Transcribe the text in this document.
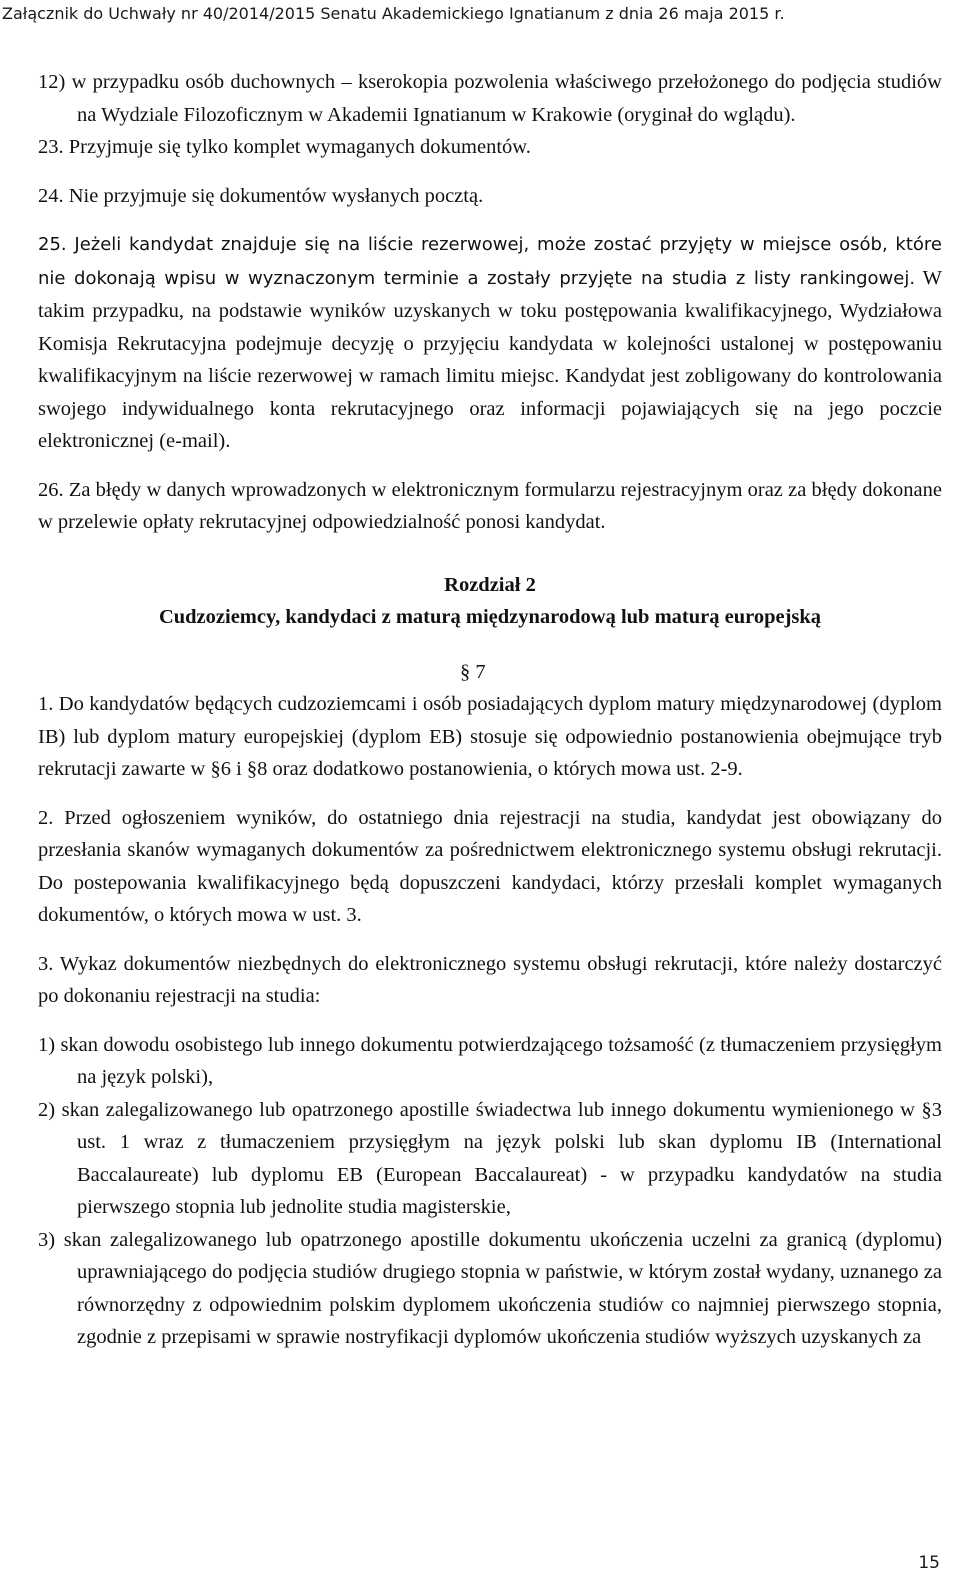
Załącznik do Uchwały nr 40/2014/2015 Senatu Akademickiego Ignatianum z dnia 26 maja 2015 r.

12) w przypadku osób duchownych – kserokopia pozwolenia właściwego przełożonego do podjęcia studiów na Wydziale Filozoficznym w Akademii Ignatianum w Krakowie (oryginał do wglądu).

23. Przyjmuje się tylko komplet wymaganych dokumentów.

24. Nie przyjmuje się dokumentów wysłanych pocztą.

25. Jeżeli kandydat znajduje się na liście rezerwowej, może zostać przyjęty w miejsce osób, które nie dokonają wpisu w wyznaczonym terminie a zostały przyjęte na studia z listy rankingowej. W takim przypadku, na podstawie wyników uzyskanych w toku postępowania kwalifikacyjnego, Wydziałowa Komisja Rekrutacyjna podejmuje decyzję o przyjęciu kandydata w kolejności ustalonej w postępowaniu kwalifikacyjnym na liście rezerwowej w ramach limitu miejsc. Kandydat jest zobligowany do kontrolowania swojego indywidualnego konta rekrutacyjnego oraz informacji pojawiających się na jego poczcie elektronicznej (e-mail).

26. Za błędy w danych wprowadzonych w elektronicznym formularzu rejestracyjnym oraz za błędy dokonane w przelewie opłaty rekrutacyjnej odpowiedzialność ponosi kandydat.

Rozdział 2

Cudzoziemcy, kandydaci z maturą międzynarodową lub maturą europejską

§ 7

1. Do kandydatów będących cudzoziemcami i osób posiadających dyplom matury międzynarodowej (dyplom IB) lub dyplom matury europejskiej (dyplom EB) stosuje się odpowiednio postanowienia obejmujące tryb rekrutacji zawarte w §6 i §8 oraz dodatkowo postanowienia, o których mowa ust. 2-9.

2. Przed ogłoszeniem wyników, do ostatniego dnia rejestracji na studia, kandydat jest obowiązany do przesłania skanów wymaganych dokumentów za pośrednictwem elektronicznego systemu obsługi rekrutacji. Do postepowania kwalifikacyjnego będą dopuszczeni kandydaci, którzy przesłali komplet wymaganych dokumentów, o których mowa w ust. 3.

3. Wykaz dokumentów niezbędnych do elektronicznego systemu obsługi rekrutacji, które należy dostarczyć po dokonaniu rejestracji na studia:

1) skan dowodu osobistego lub innego dokumentu potwierdzającego tożsamość (z tłumaczeniem przysięgłym na język polski),

2) skan zalegalizowanego lub opatrzonego apostille świadectwa lub innego dokumentu wymienionego w §3 ust. 1 wraz z tłumaczeniem przysięgłym na język polski lub skan dyplomu IB (International Baccalaureate) lub dyplomu EB (European Baccalaureat) - w przypadku kandydatów na studia pierwszego stopnia lub jednolite studia magisterskie,

3) skan zalegalizowanego lub opatrzonego apostille dokumentu ukończenia uczelni za granicą (dyplomu) uprawniającego do podjęcia studiów drugiego stopnia w państwie, w którym został wydany, uznanego za równorzędny z odpowiednim polskim dyplomem ukończenia studiów co najmniej pierwszego stopnia, zgodnie z przepisami w sprawie nostryfikacji dyplomów ukończenia studiów wyższych uzyskanych za

15
